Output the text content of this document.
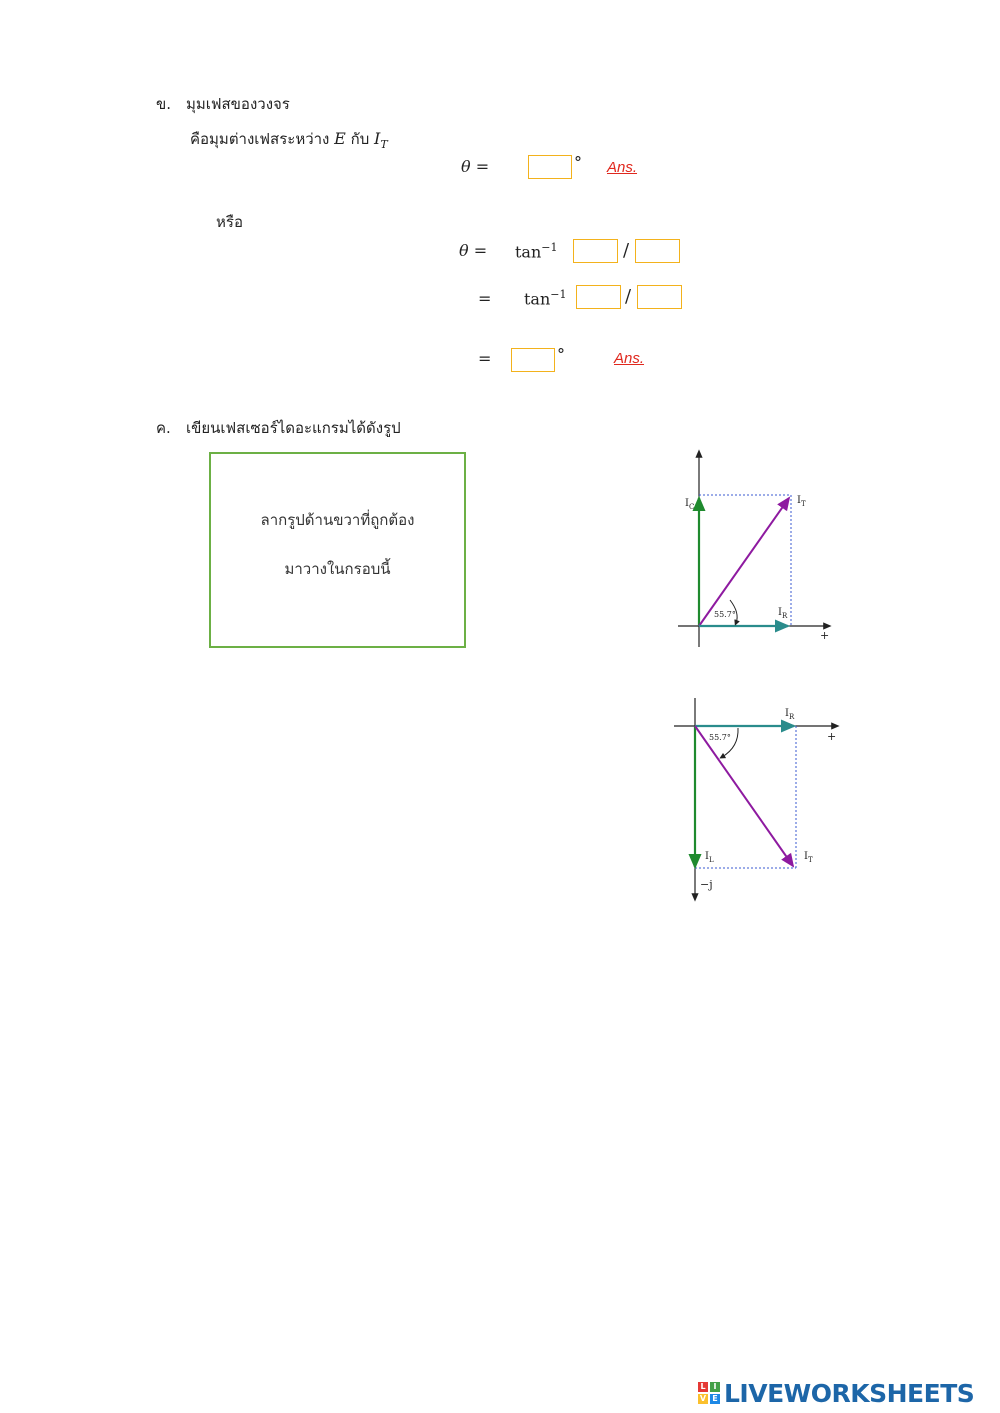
ข. มุมเฟสของวงจร
คือมุมต่างเฟสระหว่าง E กับ $I_T$
θ =	° Ans.
หรือ
$\theta = \tan^{-1}$	/
= $\tan^{-1}$	/
=	°	Ans.
ค. เขียนเฟสเซอร์ไดอะแกรมได้ดังรูป
ลากรูปด้านขวาที่ถูกต้อง
มาวางในกรอบนี้
55.7°
$I_C$
$I_T$
$I_R$
+
55.7°
$I_R$
+
$I_L$	$I_T$
−j
L I
V E LIVEWORKSHEETS
